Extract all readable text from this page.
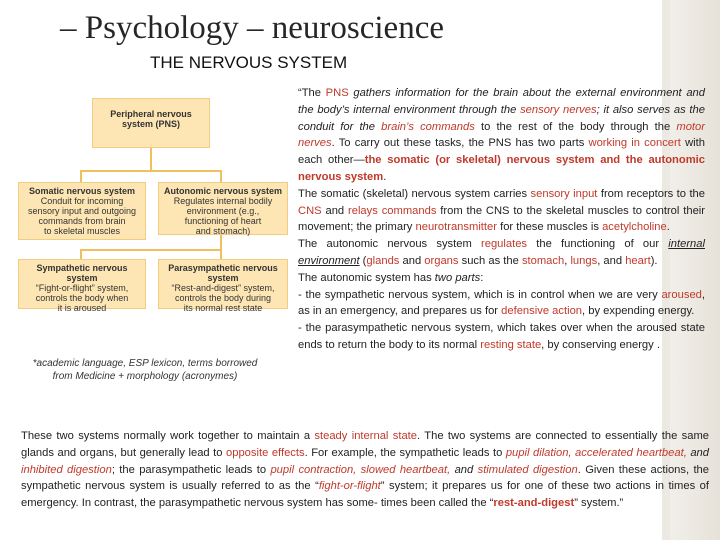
– Psychology – neuroscience
THE NERVOUS SYSTEM
Peripheral nervous system (PNS)
Somatic nervous system
Conduit for incoming
sensory input and outgoing
commands from brain
to skeletal muscles
Autonomic nervous system
Regulates internal bodily
environment (e.g.,
functioning of heart
and stomach)
Sympathetic nervous system
“Fight-or-flight” system,
controls the body when
it is aroused
Parasympathetic nervous system
“Rest-and-digest” system,
controls the body during
its normal rest state
*academic language, ESP lexicon, terms borrowed from Medicine + morphology (acronymes)
“The PNS gathers information for the brain about the external environment and the body’s internal environment through the sensory nerves; it also serves as the conduit for the brain’s commands to the rest of the body through the motor nerves. To carry out these tasks, the PNS has two parts working in concert with each other—the somatic (or skeletal) nervous system and the autonomic nervous system.
The somatic (skeletal) nervous system carries sensory input from receptors to the CNS and relays commands from the CNS to the skeletal muscles to control their movement; the primary neurotransmitter for these muscles is acetylcholine.
The autonomic nervous system regulates the functioning of our internal environment (glands and organs such as the stomach, lungs, and heart).
The autonomic system has two parts:
- the sympathetic nervous system, which is in control when we are very aroused, as in an emergency, and prepares us for defensive action, by expending energy.
- the parasympathetic nervous system, which takes over when the aroused state ends to return the body to its normal resting state, by conserving energy .
These two systems normally work together to maintain a steady internal state. The two systems are connected to essentially the same glands and organs, but generally lead to opposite effects. For example, the sympathetic leads to pupil dilation, accelerated heartbeat, and inhibited digestion; the parasympathetic leads to pupil contraction, slowed heartbeat, and stimulated digestion. Given these actions, the sympathetic nervous system is usually referred to as the “fight-or-flight” system; it prepares us for one of these two actions in times of emergency. In contrast, the parasympathetic nervous system has some- times been called the “rest-and-digest” system.”
